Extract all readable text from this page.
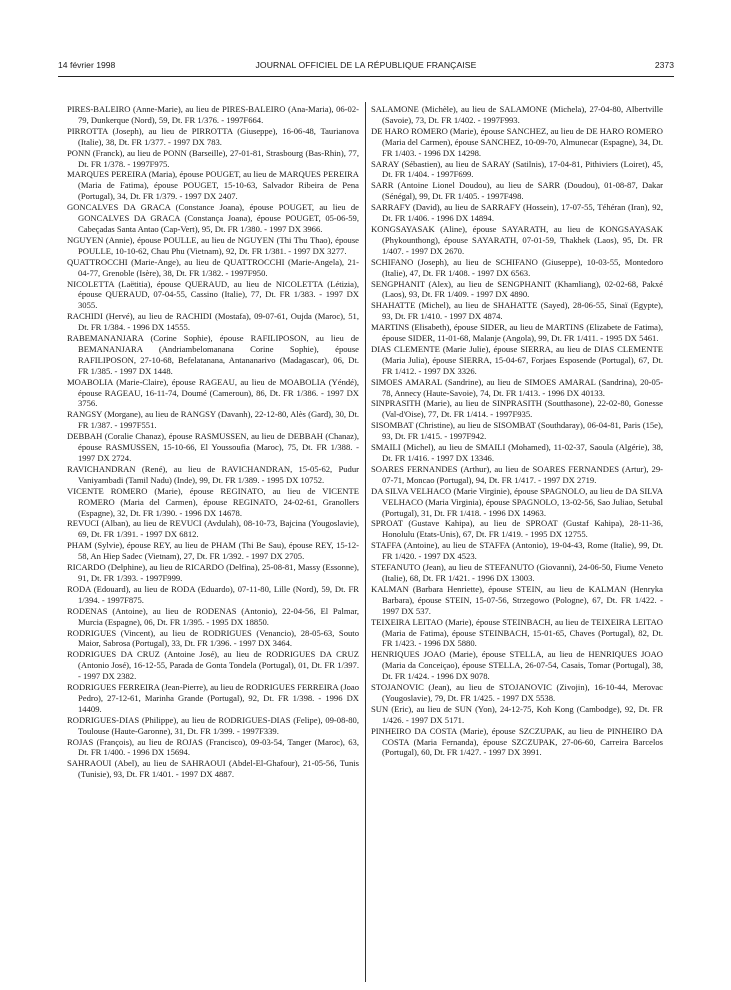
14 février 1998	JOURNAL OFFICIEL DE LA RÉPUBLIQUE FRANÇAISE	2373

PIRES-BALEIRO (Anne-Marie), au lieu de PIRES-BALEIRO (Ana-Maria), 06-02-79, Dunkerque (Nord), 59, Dt. FR 1/376. - 1997F664.

PIRROTTA (Joseph), au lieu de PIRROTTA (Giuseppe), 16-06-48, Taurianova (Italie), 38, Dt. FR 1/377. - 1997 DX 783.

PONN (Franck), au lieu de PONN (Barseille), 27-01-81, Strasbourg (Bas-Rhin), 77, Dt. FR 1/378. - 1997F975.

MARQUES PEREIRA (Maria), épouse POUGET, au lieu de MARQUES PEREIRA (Maria de Fatima), épouse POUGET, 15-10-63, Salvador Ribeira de Pena (Portugal), 34, Dt. FR 1/379. - 1997 DX 2407.

GONCALVES DA GRACA (Constance Joana), épouse POUGET, au lieu de GONCALVES DA GRACA (Constança Joana), épouse POUGET, 05-06-59, Cabeçadas Santa Antao (Cap-Vert), 95, Dt. FR 1/380. - 1997 DX 3966.

NGUYEN (Annie), épouse POULLE, au lieu de NGUYEN (Thi Thu Thao), épouse POULLE, 10-10-62, Chau Phu (Vietnam), 92, Dt. FR 1/381. - 1997 DX 3277.

QUATTROCCHI (Marie-Ange), au lieu de QUATTROCCHI (Marie-Angela), 21-04-77, Grenoble (Isère), 38, Dt. FR 1/382. - 1997F950.

NICOLETTA (Laëtitia), épouse QUERAUD, au lieu de NICOLETTA (Létizia), épouse QUERAUD, 07-04-55, Cassino (Italie), 77, Dt. FR 1/383. - 1997 DX 3055.

RACHIDI (Hervé), au lieu de RACHIDI (Mostafa), 09-07-61, Oujda (Maroc), 51, Dt. FR 1/384. - 1996 DX 14555.

RABEMANANJARA (Corine Sophie), épouse RAFILIPOSON, au lieu de BEMANANJARA (Andriambelomanana Corine Sophie), épouse RAFILIPOSON, 27-10-68, Befelatanana, Antananarivo (Madagascar), 06, Dt. FR 1/385. - 1997 DX 1448.

MOABOLIA (Marie-Claire), épouse RAGEAU, au lieu de MOABOLIA (Yéndé), épouse RAGEAU, 16-11-74, Doumé (Cameroun), 86, Dt. FR 1/386. - 1997 DX 3756.

RANGSY (Morgane), au lieu de RANGSY (Davanh), 22-12-80, Alès (Gard), 30, Dt. FR 1/387. - 1997F551.

DEBBAH (Coralie Chanaz), épouse RASMUSSEN, au lieu de DEBBAH (Chanaz), épouse RASMUSSEN, 15-10-66, El Youssoufia (Maroc), 75, Dt. FR 1/388. - 1997 DX 2724.

RAVICHANDRAN (René), au lieu de RAVICHANDRAN, 15-05-62, Pudur Vaniyambadi (Tamil Nadu) (Inde), 99, Dt. FR 1/389. - 1995 DX 10752.

VICENTE ROMERO (Marie), épouse REGINATO, au lieu de VICENTE ROMERO (Maria del Carmen), épouse REGINATO, 24-02-61, Granollers (Espagne), 32, Dt. FR 1/390. - 1996 DX 14678.

REVUCI (Alban), au lieu de REVUCI (Avdulah), 08-10-73, Bajcina (Yougoslavie), 69, Dt. FR 1/391. - 1997 DX 6812.

PHAM (Sylvie), épouse REY, au lieu de PHAM (Thi Be Sau), épouse REY, 15-12-58, An Hiep Sadec (Vietnam), 27, Dt. FR 1/392. - 1997 DX 2705.

RICARDO (Delphine), au lieu de RICARDO (Delfina), 25-08-81, Massy (Essonne), 91, Dt. FR 1/393. - 1997F999.

RODA (Edouard), au lieu de RODA (Eduardo), 07-11-80, Lille (Nord), 59, Dt. FR 1/394. - 1997F875.

RODENAS (Antoine), au lieu de RODENAS (Antonio), 22-04-56, El Palmar, Murcia (Espagne), 06, Dt. FR 1/395. - 1995 DX 18850.

RODRIGUES (Vincent), au lieu de RODRIGUES (Venancio), 28-05-63, Souto Maior, Sabrosa (Portugal), 33, Dt. FR 1/396. - 1997 DX 3464.

RODRIGUES DA CRUZ (Antoine José), au lieu de RODRIGUES DA CRUZ (Antonio José), 16-12-55, Parada de Gonta Tondela (Portugal), 01, Dt. FR 1/397. - 1997 DX 2382.

RODRIGUES FERREIRA (Jean-Pierre), au lieu de RODRIGUES FERREIRA (Joao Pedro), 27-12-61, Marinha Grande (Portugal), 92, Dt. FR 1/398. - 1996 DX 14409.

RODRIGUES-DIAS (Philippe), au lieu de RODRIGUES-DIAS (Felipe), 09-08-80, Toulouse (Haute-Garonne), 31, Dt. FR 1/399. - 1997F339.

ROJAS (François), au lieu de ROJAS (Francisco), 09-03-54, Tanger (Maroc), 63, Dt. FR 1/400. - 1996 DX 15694.

SAHRAOUI (Abel), au lieu de SAHRAOUI (Abdel-El-Ghafour), 21-05-56, Tunis (Tunisie), 93, Dt. FR 1/401. - 1997 DX 4887.

SALAMONE (Michèle), au lieu de SALAMONE (Michela), 27-04-80, Albertville (Savoie), 73, Dt. FR 1/402. - 1997F993.

DE HARO ROMERO (Marie), épouse SANCHEZ, au lieu de DE HARO ROMERO (Maria del Carmen), épouse SANCHEZ, 10-09-70, Almunecar (Espagne), 34, Dt. FR 1/403. - 1996 DX 14298.

SARAY (Sébastien), au lieu de SARAY (Satilnis), 17-04-81, Pithiviers (Loiret), 45, Dt. FR 1/404. - 1997F699.

SARR (Antoine Lionel Doudou), au lieu de SARR (Doudou), 01-08-87, Dakar (Sénégal), 99, Dt. FR 1/405. - 1997F498.

SARRAFY (David), au lieu de SARRAFY (Hossein), 17-07-55, Téhéran (Iran), 92, Dt. FR 1/406. - 1996 DX 14894.

KONGSAYASAK (Aline), épouse SAYARATH, au lieu de KONGSAYASAK (Phykounthong), épouse SAYARATH, 07-01-59, Thakhek (Laos), 95, Dt. FR 1/407. - 1997 DX 2670.

SCHIFANO (Joseph), au lieu de SCHIFANO (Giuseppe), 10-03-55, Montedoro (Italie), 47, Dt. FR 1/408. - 1997 DX 6563.

SENGPHANIT (Alex), au lieu de SENGPHANIT (Khamliang), 02-02-68, Pakxé (Laos), 93, Dt. FR 1/409. - 1997 DX 4890.

SHAHATTE (Michel), au lieu de SHAHATTE (Sayed), 28-06-55, Sinaï (Egypte), 93, Dt. FR 1/410. - 1997 DX 4874.

MARTINS (Elisabeth), épouse SIDER, au lieu de MARTINS (Elizabete de Fatima), épouse SIDER, 11-01-68, Malanje (Angola), 99, Dt. FR 1/411. - 1995 DX 5461.

DIAS CLEMENTE (Marie Julie), épouse SIERRA, au lieu de DIAS CLEMENTE (Maria Julia), épouse SIERRA, 15-04-67, Forjaes Esposende (Portugal), 67, Dt. FR 1/412. - 1997 DX 3326.

SIMOES AMARAL (Sandrine), au lieu de SIMOES AMARAL (Sandrina), 20-05-78, Annecy (Haute-Savoie), 74, Dt. FR 1/413. - 1996 DX 40133.

SINPRASITH (Marie), au lieu de SINPRASITH (Soutthasone), 22-02-80, Gonesse (Val-d'Oise), 77, Dt. FR 1/414. - 1997F935.

SISOMBAT (Christine), au lieu de SISOMBAT (Southdaray), 06-04-81, Paris (15e), 93, Dt. FR 1/415. - 1997F942.

SMAILI (Michel), au lieu de SMAILI (Mohamed), 11-02-37, Saoula (Algérie), 38, Dt. FR 1/416. - 1997 DX 13346.

SOARES FERNANDES (Arthur), au lieu de SOARES FERNANDES (Artur), 29-07-71, Moncao (Portugal), 94, Dt. FR 1/417. - 1997 DX 2719.

DA SILVA VELHACO (Marie Virginie), épouse SPAGNOLO, au lieu de DA SILVA VELHACO (Maria Virginia), épouse SPAGNOLO, 13-02-56, Sao Juliao, Setubal (Portugal), 31, Dt. FR 1/418. - 1996 DX 14963.

SPROAT (Gustave Kahipa), au lieu de SPROAT (Gustaf Kahipa), 28-11-36, Honolulu (Etats-Unis), 67, Dt. FR 1/419. - 1995 DX 12755.

STAFFA (Antoine), au lieu de STAFFA (Antonio), 19-04-43, Rome (Italie), 99, Dt. FR 1/420. - 1997 DX 4523.

STEFANUTO (Jean), au lieu de STEFANUTO (Giovanni), 24-06-50, Fiume Veneto (Italie), 68, Dt. FR 1/421. - 1996 DX 13003.

KALMAN (Barbara Henriette), épouse STEIN, au lieu de KALMAN (Henryka Barbara), épouse STEIN, 15-07-56, Strzegowo (Pologne), 67, Dt. FR 1/422. - 1997 DX 537.

TEIXEIRA LEITAO (Marie), épouse STEINBACH, au lieu de TEIXEIRA LEITAO (Maria de Fatima), épouse STEINBACH, 15-01-65, Chaves (Portugal), 82, Dt. FR 1/423. - 1996 DX 5880.

HENRIQUES JOAO (Marie), épouse STELLA, au lieu de HENRIQUES JOAO (Maria da Conceiçao), épouse STELLA, 26-07-54, Casais, Tomar (Portugal), 38, Dt. FR 1/424. - 1996 DX 9078.

STOJANOVIC (Jean), au lieu de STOJANOVIC (Zivojin), 16-10-44, Merovac (Yougoslavie), 79, Dt. FR 1/425. - 1997 DX 5538.

SUN (Eric), au lieu de SUN (Yon), 24-12-75, Koh Kong (Cambodge), 92, Dt. FR 1/426. - 1997 DX 5171.

PINHEIRO DA COSTA (Marie), épouse SZCZUPAK, au lieu de PINHEIRO DA COSTA (Maria Fernanda), épouse SZCZUPAK, 27-06-60, Carreira Barcelos (Portugal), 60, Dt. FR 1/427. - 1997 DX 3991.
